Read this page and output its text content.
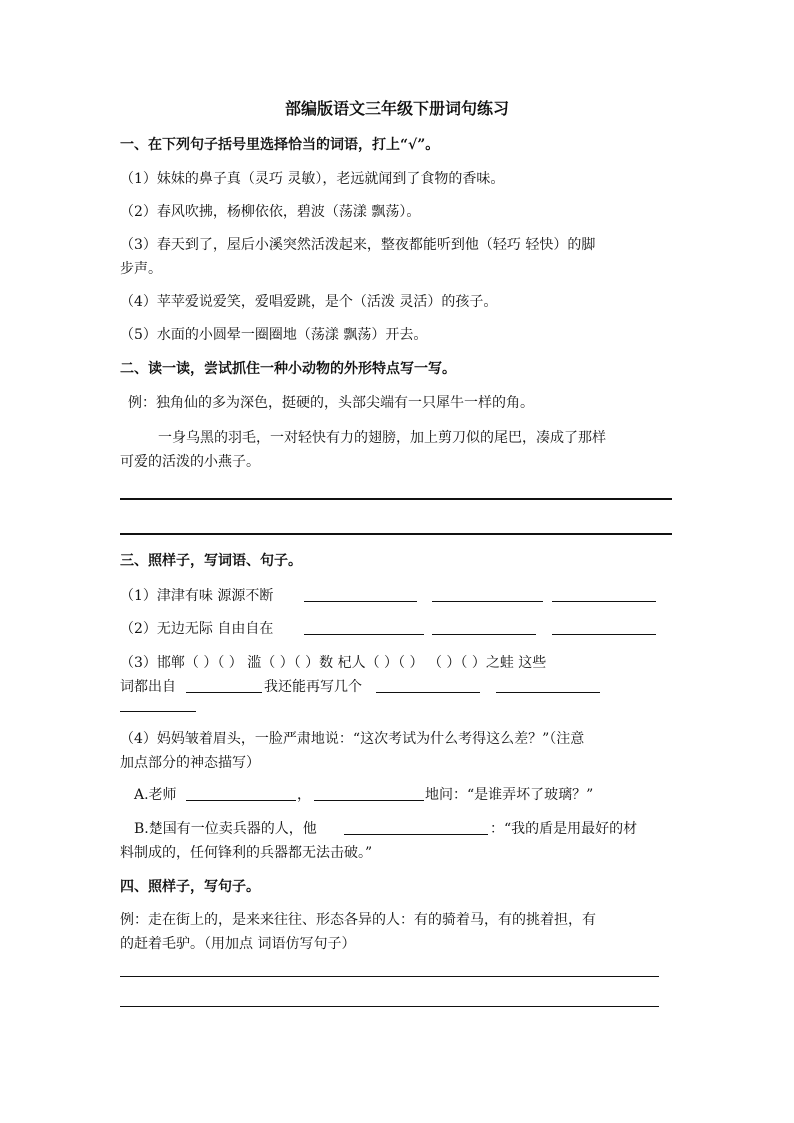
部编版语文三年级下册词句练习
一、在下列句子括号里选择恰当的词语，打上“√”。
（1）妹妹的鼻子真（灵巧 灵敏），老远就闻到了食物的香味。
（2）春风吹拂，杨柳依依，碧波（荡漾 飘荡）。
（3）春天到了，屋后小溪突然活泼起来，整夜都能听到他（轻巧 轻快）的脚
步声。
（4）苹苹爱说爱笑，爱唱爱跳，是个（活泼 灵活）的孩子。
（5）水面的小圆晕一圈圈地（荡漾 飘荡）开去。
二、读一读，尝试抓住一种小动物的外形特点写一写。
例：独角仙的多为深色，挺硬的，头部尖端有一只犀牛一样的角。
一身乌黑的羽毛，一对轻快有力的翅膀，加上剪刀似的尾巴，凑成了那样
可爱的活泼的小燕子。
三、照样子，写词语、句子。
（1）津津有味 源源不断
（2）无边无际 自由自在
（3）邯郸（ ）（ ） 滥（ ）（ ）数 杞人（ ）（ ） （ ）（ ）之蛙 这些
词都出自	我还能再写几个
（4）妈妈皱着眉头，一脸严肃地说：“这次考试为什么考得这么差？”（注意
加点部分的神态描写）
A.老师	，	地问：“是谁弄坏了玻璃？”
B.楚国有一位卖兵器的人，他	：“我的盾是用最好的材
料制成的，任何锋利的兵器都无法击破。”
四、照样子，写句子。
例：走在街上的，是来来往往、形态各异的人：有的骑着马，有的挑着担，有
的赶着毛驴。（用加点 词语仿写句子）
